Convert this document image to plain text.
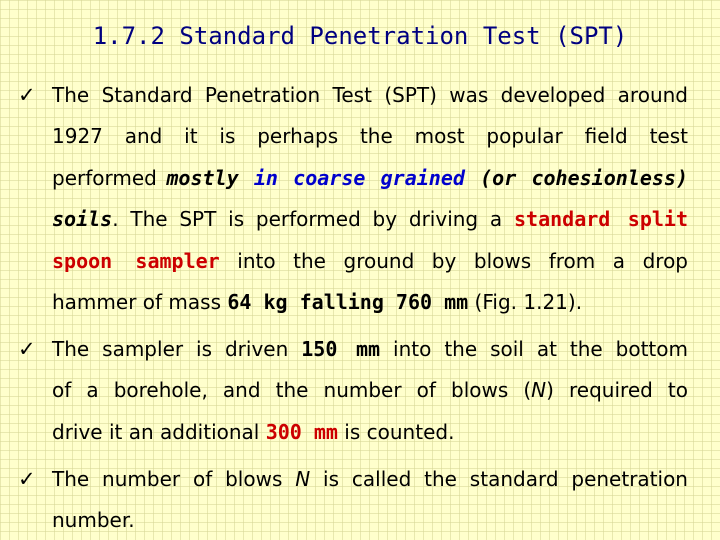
1.7.2 Standard Penetration Test (SPT)
✓ The Standard Penetration Test (SPT) was developed around
1927 and it is perhaps the most popular field test
performed mostly in coarse grained (or cohesionless)
soils. The SPT is performed by driving a standard split
spoon sampler into the ground by blows from a drop
hammer of mass 64 kg falling 760 mm (Fig. 1.21).
✓ The sampler is driven 150 mm into the soil at the bottom
of a borehole, and the number of blows (N) required to
drive it an additional 300 mm is counted.
✓ The number of blows N is called the standard penetration
number.
